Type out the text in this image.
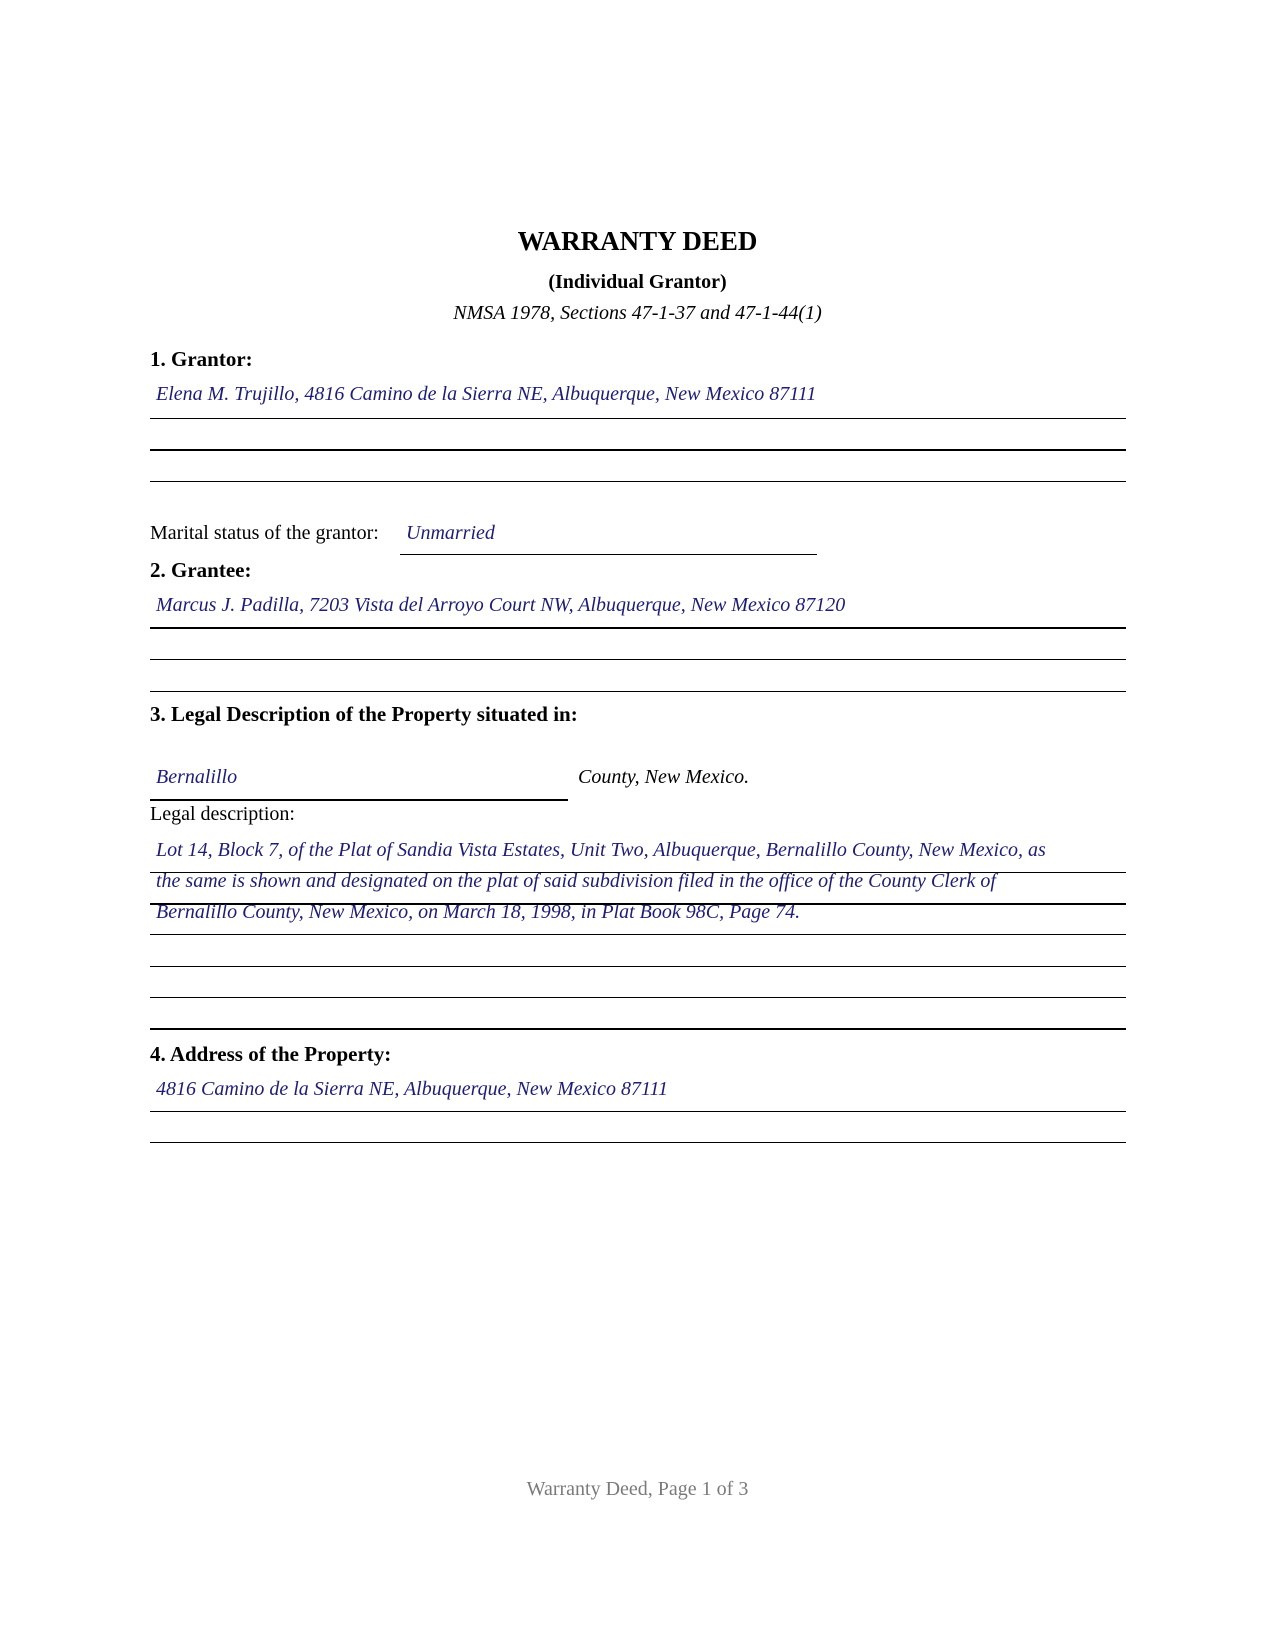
WARRANTY DEED
(Individual Grantor)
NMSA 1978, Sections 47-1-37 and 47-1-44(1)
1. Grantor:
Elena M. Trujillo, 4816 Camino de la Sierra NE, Albuquerque, New Mexico 87111
Marital status of the grantor: Unmarried
2. Grantee:
Marcus J. Padilla, 7203 Vista del Arroyo Court NW, Albuquerque, New Mexico 87120
3. Legal Description of the Property situated in:
Bernalillo	County, New Mexico.
Legal description:
Lot 14, Block 7, of the Plat of Sandia Vista Estates, Unit Two, Albuquerque, Bernalillo County, New Mexico, as
the same is shown and designated on the plat of said subdivision filed in the office of the County Clerk of
Bernalillo County, New Mexico, on March 18, 1998, in Plat Book 98C, Page 74.
4. Address of the Property:
4816 Camino de la Sierra NE, Albuquerque, New Mexico 87111
Warranty Deed, Page 1 of 3
